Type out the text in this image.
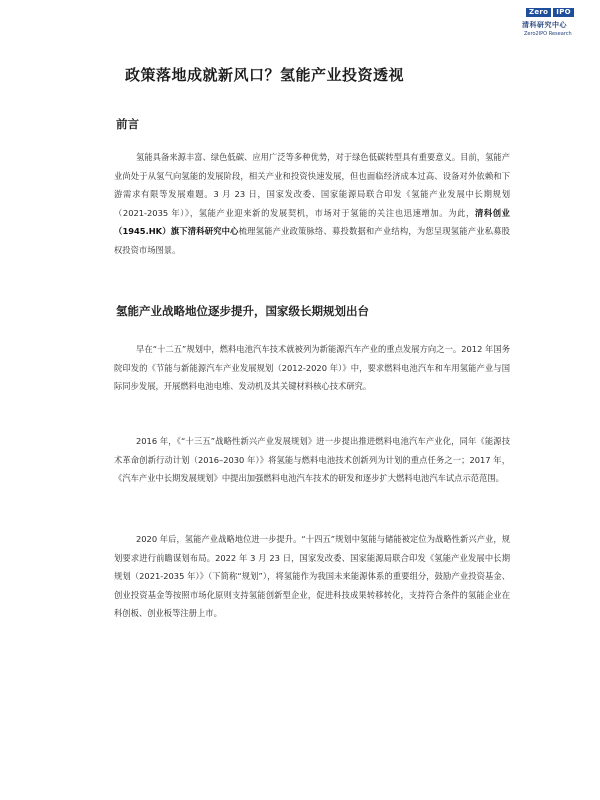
Zero	IPO
清科研究中心
Zero2IPO Research
政策落地成就新风口？氢能产业投资透视
前言
氢能具备来源丰富、绿色低碳、应用广泛等多种优势，对于绿色低碳转型具有重要意义。目前，氢能产业尚处于从氢气向氢能的发展阶段，相关产业和投资快速发展，但也面临经济成本过高、设备对外依赖和下游需求有限等发展难题。3 月 23 日，国家发改委、国家能源局联合印发《氢能产业发展中长期规划（2021-2035 年）》，氢能产业迎来新的发展契机，市场对于氢能的关注也迅速增加。为此，清科创业（1945.HK）旗下清科研究中心梳理氢能产业政策脉络、募投数据和产业结构，为您呈现氢能产业私募股权投资市场图景。
氢能产业战略地位逐步提升，国家级长期规划出台
早在“十二五”规划中，燃料电池汽车技术就被列为新能源汽车产业的重点发展方向之一。2012 年国务院印发的《节能与新能源汽车产业发展规划（2012-2020 年）》中，要求燃料电池汽车和车用氢能产业与国际同步发展，开展燃料电池电堆、发动机及其关键材料核心技术研究。
2016 年，《“十三五”战略性新兴产业发展规划》进一步提出推进燃料电池汽车产业化，同年《能源技术革命创新行动计划（2016–2030 年）》将氢能与燃料电池技术创新列为计划的重点任务之一；2017 年，《汽车产业中长期发展规划》中提出加强燃料电池汽车技术的研发和逐步扩大燃料电池汽车试点示范范围。
2020 年后，氢能产业战略地位进一步提升。“十四五”规划中氢能与储能被定位为战略性新兴产业，规划要求进行前瞻谋划布局。2022 年 3 月 23 日，国家发改委、国家能源局联合印发《氢能产业发展中长期规划（2021-2035 年）》（下简称“规划”），将氢能作为我国未来能源体系的重要组分，鼓励产业投资基金、创业投资基金等按照市场化原则支持氢能创新型企业，促进科技成果转移转化，支持符合条件的氢能企业在科创板、创业板等注册上市。
